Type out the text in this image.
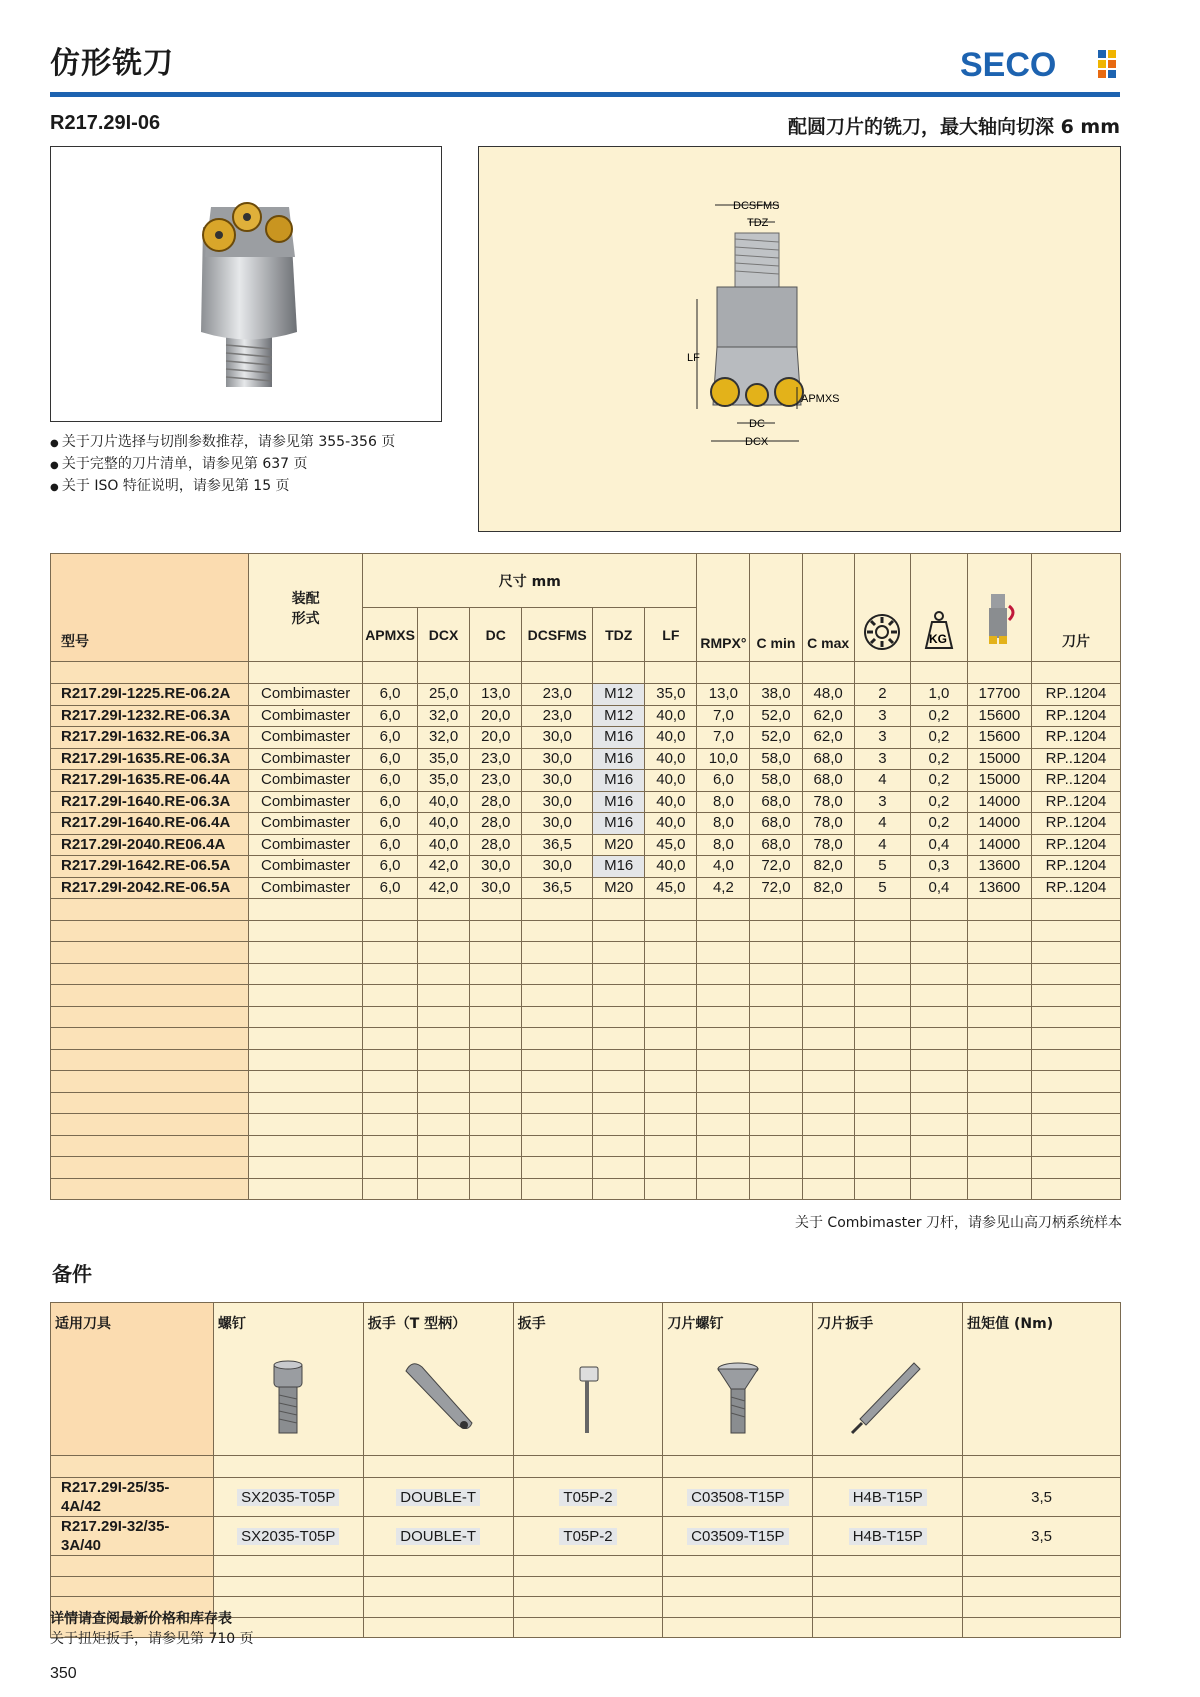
仿形铣刀	SECO
R217.29I-06	配圆刀片的铣刀，最大轴向切深 6 mm
● 关于刀片选择与切削参数推荐，请参见第 355-356 页
● 关于完整的刀片清单，请参见第 637 页
● 关于 ISO 特征说明，请参见第 15 页
DCSFMS
TDZ
LF
APMXS
DC
DCX
型号	装配
形式	尺寸 mm						RMPX°	C min	C max		KG		刀片
		APMXS	DCX	DC	DCSFMS	TDZ	LF							

R217.29I-1225.RE-06.2A	Combimaster	6,0	25,0	13,0	23,0	M12	35,0	13,0	38,0	48,0	2	1,0	17700	RP..1204
R217.29I-1232.RE-06.3A	Combimaster	6,0	32,0	20,0	23,0	M12	40,0	7,0	52,0	62,0	3	0,2	15600	RP..1204
R217.29I-1632.RE-06.3A	Combimaster	6,0	32,0	20,0	30,0	M16	40,0	7,0	52,0	62,0	3	0,2	15600	RP..1204
R217.29I-1635.RE-06.3A	Combimaster	6,0	35,0	23,0	30,0	M16	40,0	10,0	58,0	68,0	3	0,2	15000	RP..1204
R217.29I-1635.RE-06.4A	Combimaster	6,0	35,0	23,0	30,0	M16	40,0	6,0	58,0	68,0	4	0,2	15000	RP..1204
R217.29I-1640.RE-06.3A	Combimaster	6,0	40,0	28,0	30,0	M16	40,0	8,0	68,0	78,0	3	0,2	14000	RP..1204
R217.29I-1640.RE-06.4A	Combimaster	6,0	40,0	28,0	30,0	M16	40,0	8,0	68,0	78,0	4	0,2	14000	RP..1204
R217.29I-2040.RE06.4A	Combimaster	6,0	40,0	28,0	36,5	M20	45,0	8,0	68,0	78,0	4	0,4	14000	RP..1204
R217.29I-1642.RE-06.5A	Combimaster	6,0	42,0	30,0	30,0	M16	40,0	4,0	72,0	82,0	5	0,3	13600	RP..1204
R217.29I-2042.RE-06.5A	Combimaster	6,0	42,0	30,0	36,5	M20	45,0	4,2	72,0	82,0	5	0,4	13600	RP..1204

关于 Combimaster 刀杆，请参见山高刀柄系统样本
备件
适用刀具	螺钉	扳手（T 型柄）	扳手	刀片螺钉	刀片扳手	扭矩值 (Nm)

R217.29I-25/35-4A/42	SX2035-T05P	DOUBLE-T	T05P-2	C03508-T15P	H4B-T15P	3,5
R217.29I-32/35-3A/40	SX2035-T05P	DOUBLE-T	T05P-2	C03509-T15P	H4B-T15P	3,5

详情请查阅最新价格和库存表
关于扭矩扳手，请参见第 710 页
350
